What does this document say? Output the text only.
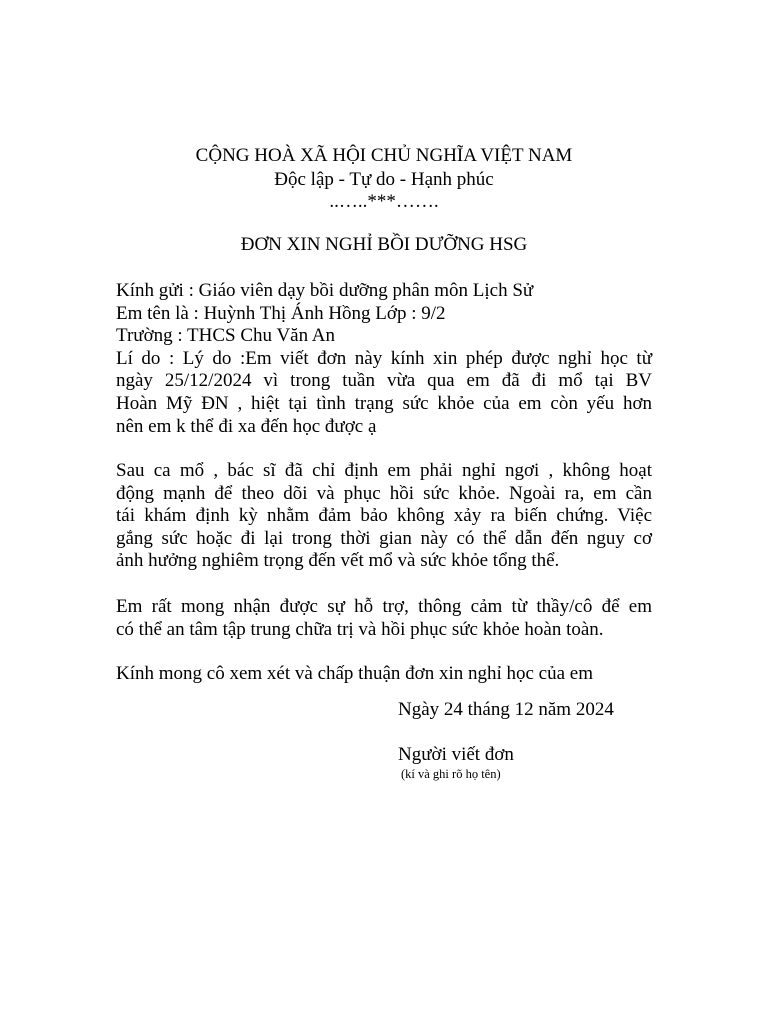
CỘNG HOÀ XÃ HỘI CHỦ NGHĨA VIỆT NAM
Độc lập - Tự do - Hạnh phúc
..…..***…….
ĐƠN XIN NGHỈ BỒI DƯỠNG HSG
Kính gửi : Giáo viên dạy bồi dưỡng phân môn Lịch Sử
Em tên là : Huỳnh Thị Ánh Hồng Lớp : 9/2
Trường : THCS Chu Văn An
Lí do : Lý do :Em viết đơn này kính xin phép được nghỉ học từ
ngày 25/12/2024 vì trong tuần vừa qua em đã đi mổ tại BV
Hoàn Mỹ ĐN , hiệt tại tình trạng sức khỏe của em còn yếu hơn
nên em k thể đi xa đến học được ạ
Sau ca mổ , bác sĩ đã chỉ định em phải nghỉ ngơi , không hoạt
động mạnh để theo dõi và phục hồi sức khỏe. Ngoài ra, em cần
tái khám định kỳ nhằm đảm bảo không xảy ra biến chứng. Việc
gắng sức hoặc đi lại trong thời gian này có thể dẫn đến nguy cơ
ảnh hưởng nghiêm trọng đến vết mổ và sức khỏe tổng thể.
Em rất mong nhận được sự hỗ trợ, thông cảm từ thầy/cô để em
có thể an tâm tập trung chữa trị và hồi phục sức khỏe hoàn toàn.
Kính mong cô xem xét và chấp thuận đơn xin nghỉ học của em
Ngày 24 tháng 12 năm 2024
Người viết đơn
(kí và ghi rõ họ tên)
